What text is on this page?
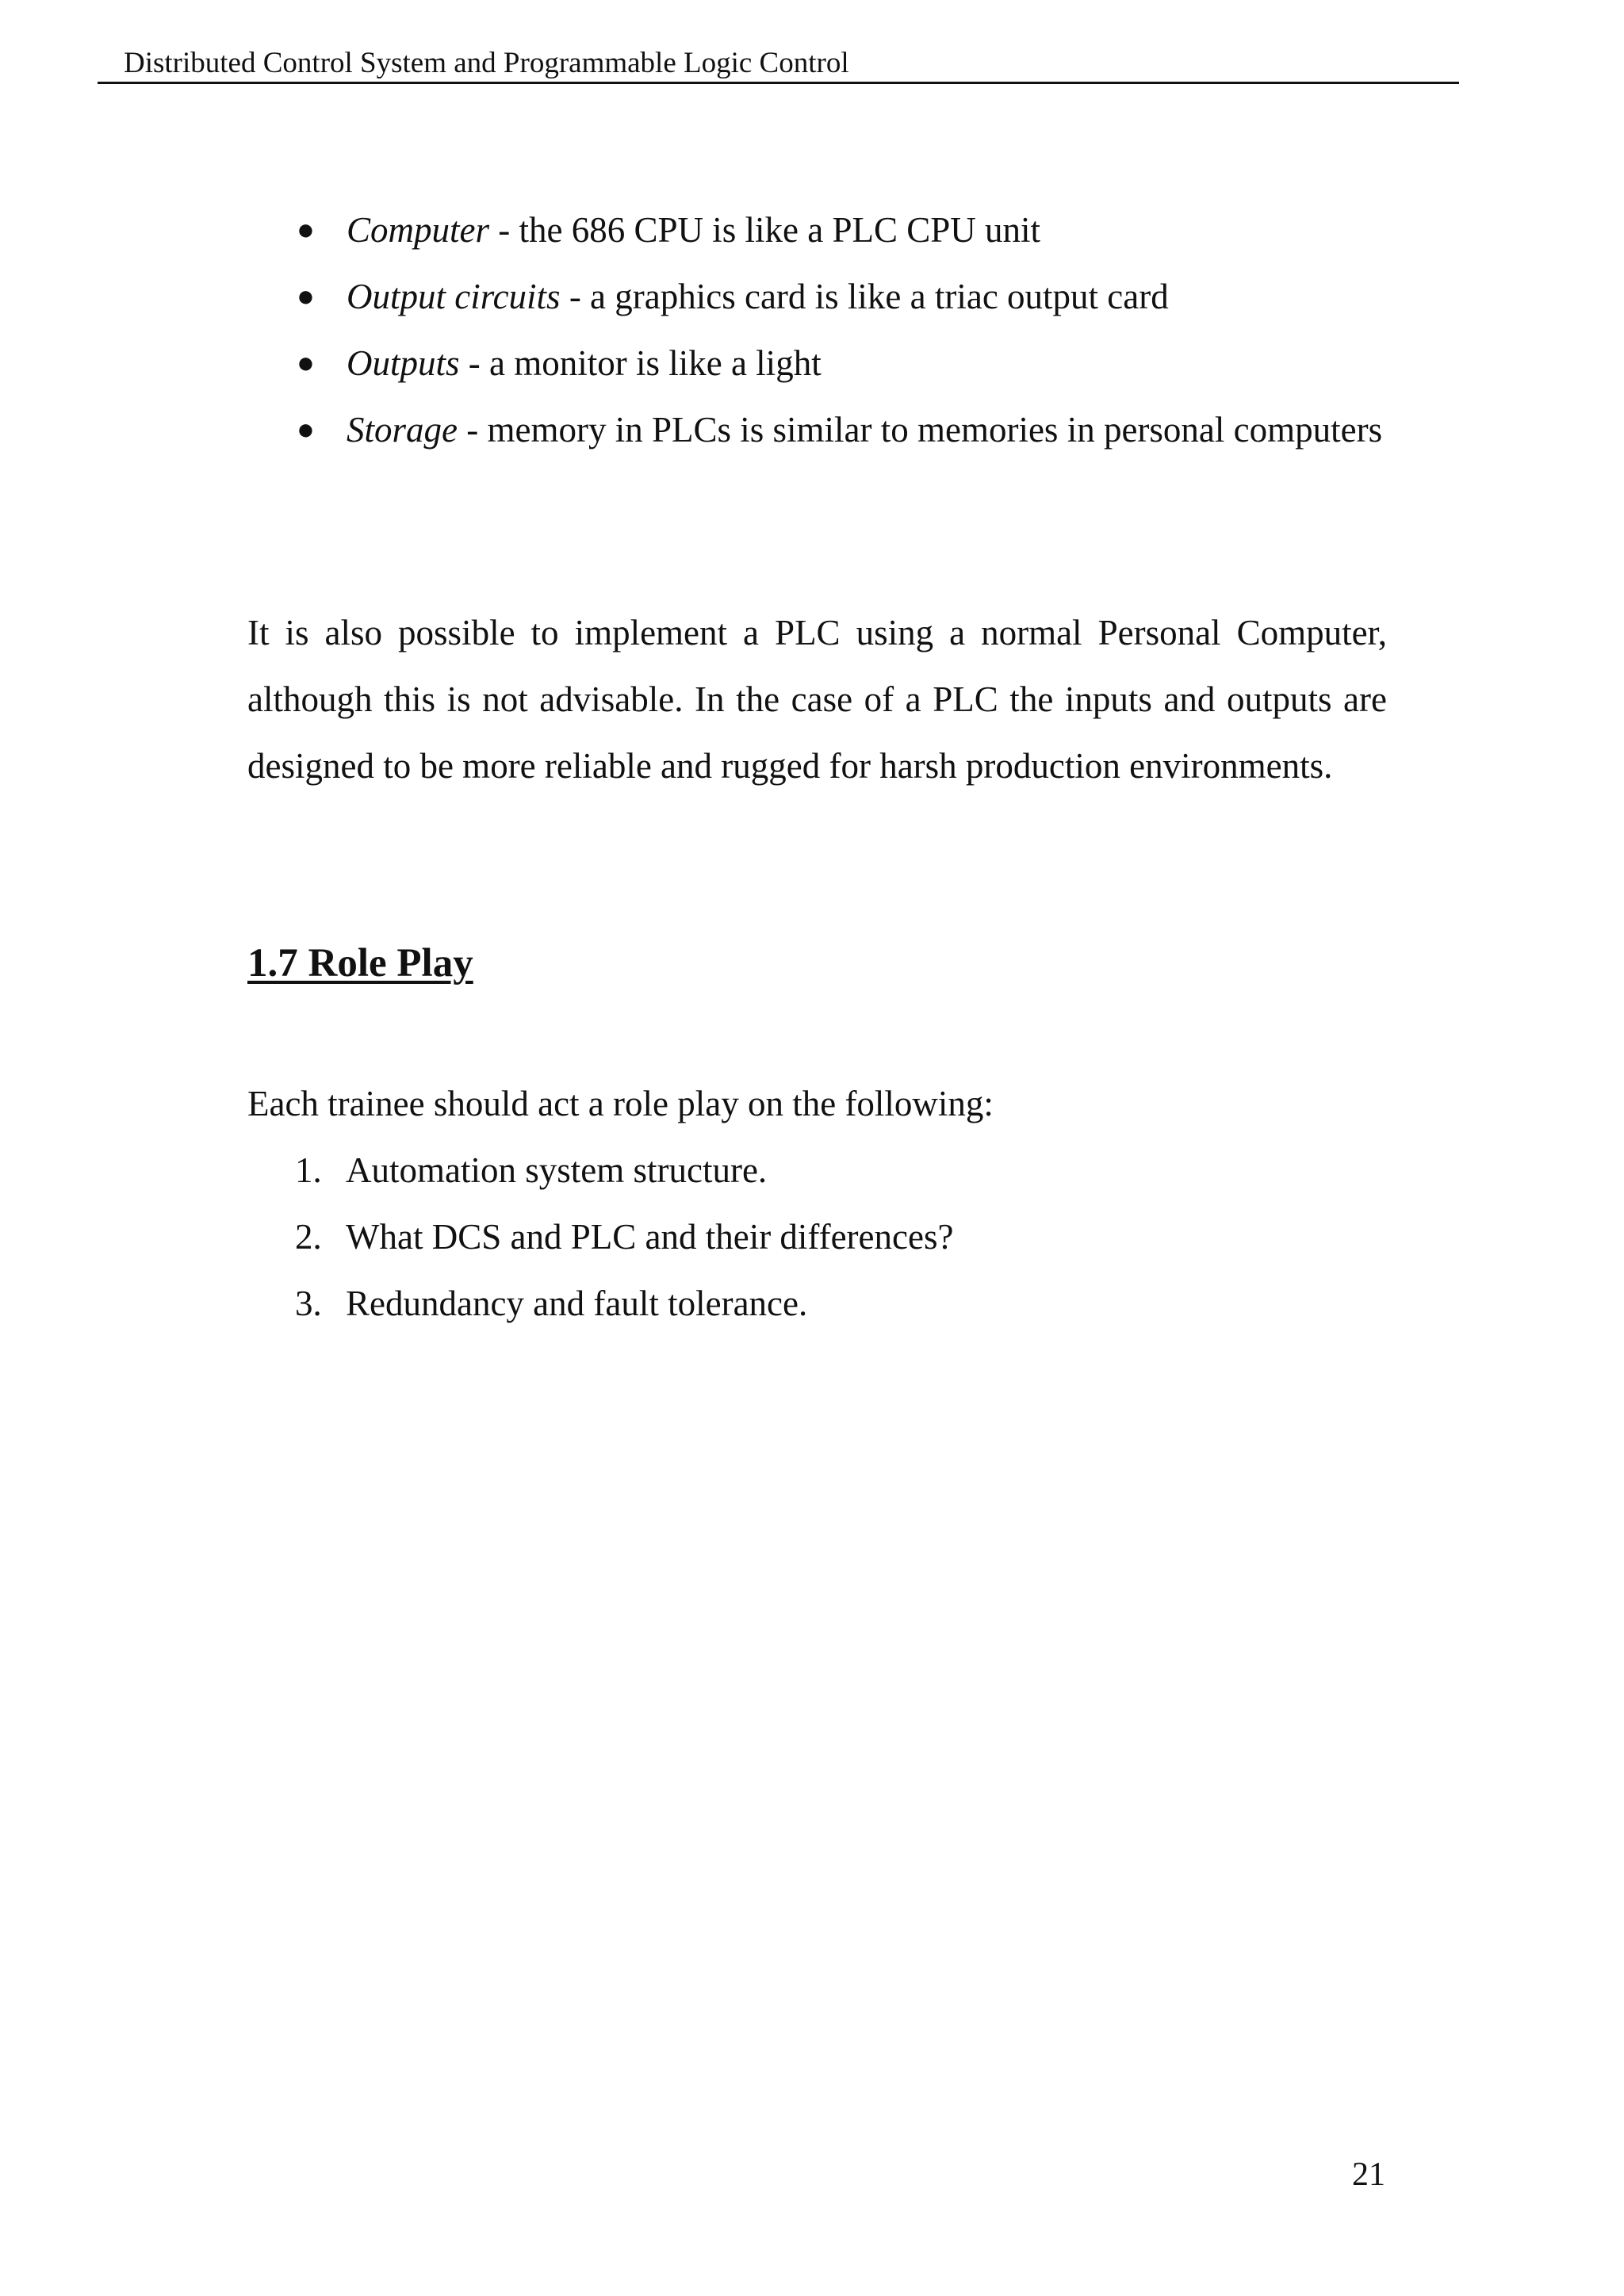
Distributed Control System and Programmable Logic Control
● Computer - the 686 CPU is like a PLC CPU unit
● Output circuits - a graphics card is like a triac output card
● Outputs - a monitor is like a light
● Storage - memory in PLCs is similar to memories in personal computers

It is also possible to implement a PLC using a normal Personal Computer, although this is not advisable. In the case of a PLC the inputs and outputs are designed to be more reliable and rugged for harsh production environments.

1.7 Role Play

Each trainee should act a role play on the following:

1. Automation system structure.
2. What DCS and PLC and their differences?
3. Redundancy and fault tolerance.
21
